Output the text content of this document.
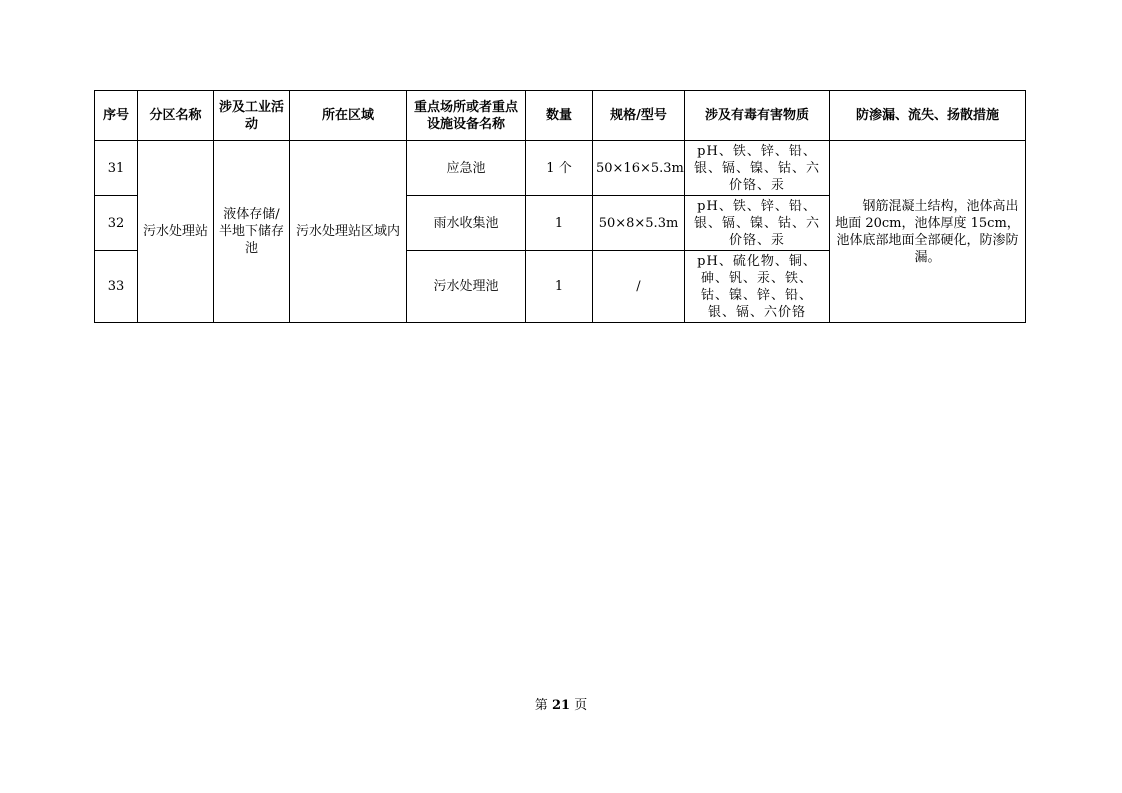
序号	分区名称	涉及工业活动	所在区域	重点场所或者重点设施设备名称	数量	规格/型号	涉及有毒有害物质	防渗漏、流失、扬散措施
31	污水处理站	液体存储/半地下储存池	污水处理站区域内	应急池	1 个	50×16×5.3m	pH、铁、锌、铅、银、镉、镍、钴、六价铬、汞	钢筋混凝土结构，池体高出地面 20cm，池体厚度 15cm，池体底部地面全部硬化，防渗防漏。

32				雨水收集池	1	50×8×5.3m	pH、铁、锌、铅、银、镉、镍、钴、六价铬、汞	
33				污水处理池	1	/	pH、硫化物、铜、砷、钒、汞、铁、钴、镍、锌、铅、 银、镉、六价铬	
第 21 页
